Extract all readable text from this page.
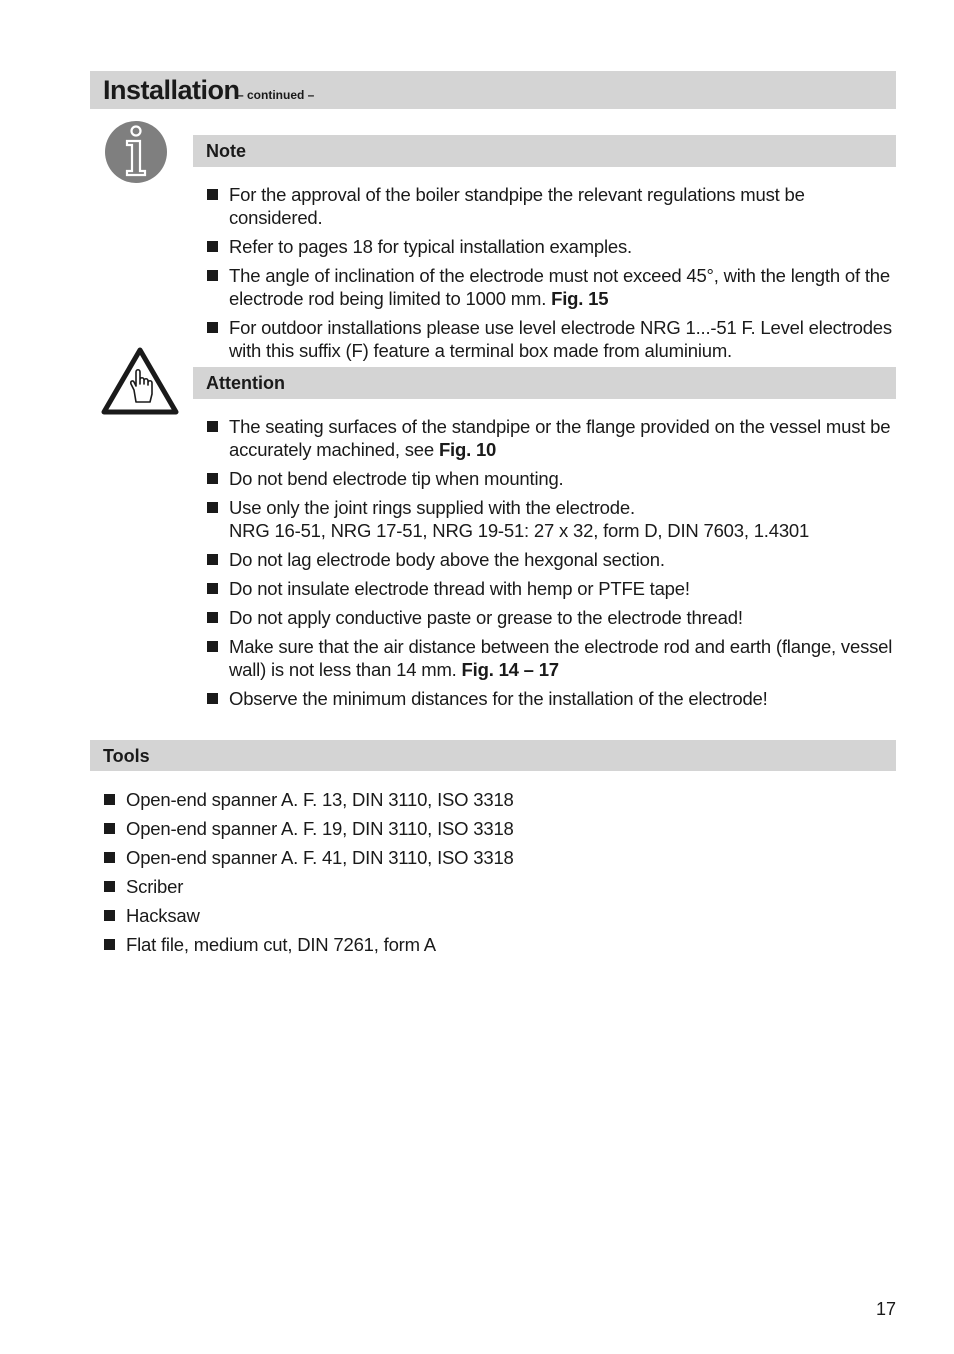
Installation
– continued –
Note
For the approval of the boiler standpipe the relevant regulations must be considered.
Refer to pages 18 for typical installation examples.
The angle of inclination of the electrode must not exceed 45°, with the length of the electrode rod being limited to 1000 mm. Fig. 15
For outdoor installations please use level electrode NRG 1...-51 F. Level electrodes with this suffix (F) feature a terminal box made from aluminium.
Attention
The seating surfaces of the standpipe or the flange provided on the vessel must be accurately machined, see Fig. 10
Do not bend electrode tip when mounting.
Use only the joint rings supplied with the electrode.
NRG 16-51, NRG 17-51, NRG 19-51: 27 x 32, form D, DIN 7603, 1.4301
Do not lag electrode body above the hexgonal section.
Do not insulate electrode thread with hemp or PTFE tape!
Do not apply conductive paste or grease to the electrode thread!
Make sure that the air distance between the electrode rod and earth (flange, vessel wall) is not less than 14 mm. Fig. 14 – 17
Observe the minimum distances for the installation of the electrode!
Tools
Open-end spanner A. F. 13, DIN 3110, ISO 3318
Open-end spanner A. F. 19, DIN 3110, ISO 3318
Open-end spanner A. F. 41, DIN 3110, ISO 3318
Scriber
Hacksaw
Flat file, medium cut, DIN 7261, form A
17
